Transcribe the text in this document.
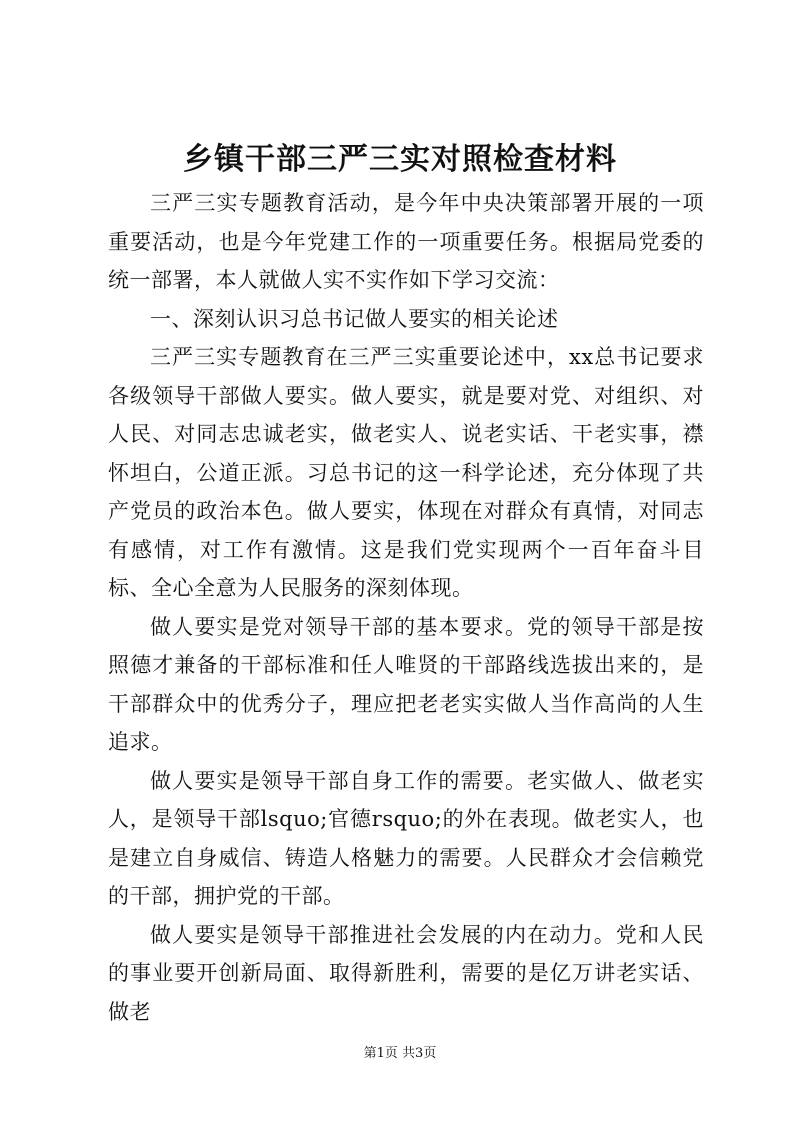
乡镇干部三严三实对照检查材料

三严三实专题教育活动，是今年中央决策部署开展的一项重要活动，也是今年党建工作的一项重要任务。根据局党委的统一部署，本人就做人实不实作如下学习交流：

一、深刻认识习总书记做人要实的相关论述

三严三实专题教育在三严三实重要论述中，xx总书记要求各级领导干部做人要实。做人要实，就是要对党、对组织、对人民、对同志忠诚老实，做老实人、说老实话、干老实事，襟怀坦白，公道正派。习总书记的这一科学论述，充分体现了共产党员的政治本色。做人要实，体现在对群众有真情，对同志有感情，对工作有激情。这是我们党实现两个一百年奋斗目标、全心全意为人民服务的深刻体现。

做人要实是党对领导干部的基本要求。党的领导干部是按照德才兼备的干部标准和任人唯贤的干部路线选拔出来的，是干部群众中的优秀分子，理应把老老实实做人当作高尚的人生追求。

做人要实是领导干部自身工作的需要。老实做人、做老实人，是领导干部lsquo;官德rsquo;的外在表现。做老实人，也是建立自身威信、铸造人格魅力的需要。人民群众才会信赖党的干部，拥护党的干部。

做人要实是领导干部推进社会发展的内在动力。党和人民的事业要开创新局面、取得新胜利，需要的是亿万讲老实话、做老

第1页 共3页
